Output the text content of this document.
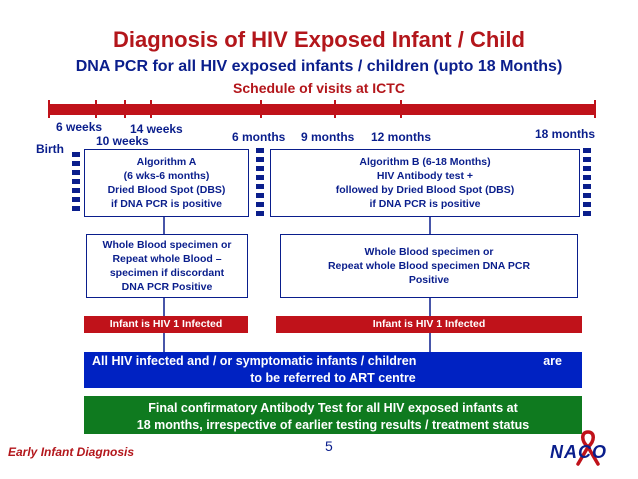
Diagnosis of HIV Exposed Infant / Child
DNA PCR for all HIV exposed infants / children (upto 18 Months)
Schedule of visits at ICTC
6 weeks 14 weeks
10 weeks
Birth
6 months 9 months 12 months	18 months
Algorithm A
(6 wks-6 months)
Dried Blood Spot (DBS)
if DNA PCR is positive
Algorithm B (6-18 Months)
HIV Antibody test +
followed by Dried Blood Spot (DBS)
if DNA PCR is positive
Whole Blood specimen or
Repeat whole Blood –
specimen if discordant
DNA PCR Positive
Whole Blood specimen or
Repeat whole Blood specimen DNA PCR
Positive
Infant is HIV 1 Infected	Infant is HIV 1 Infected
All HIV infected and / or symptomatic infants / children	are
to be referred to ART centre
Final confirmatory Antibody Test for all HIV exposed infants at
18 months, irrespective of earlier testing results / treatment status
Early Infant Diagnosis	5	NACO
